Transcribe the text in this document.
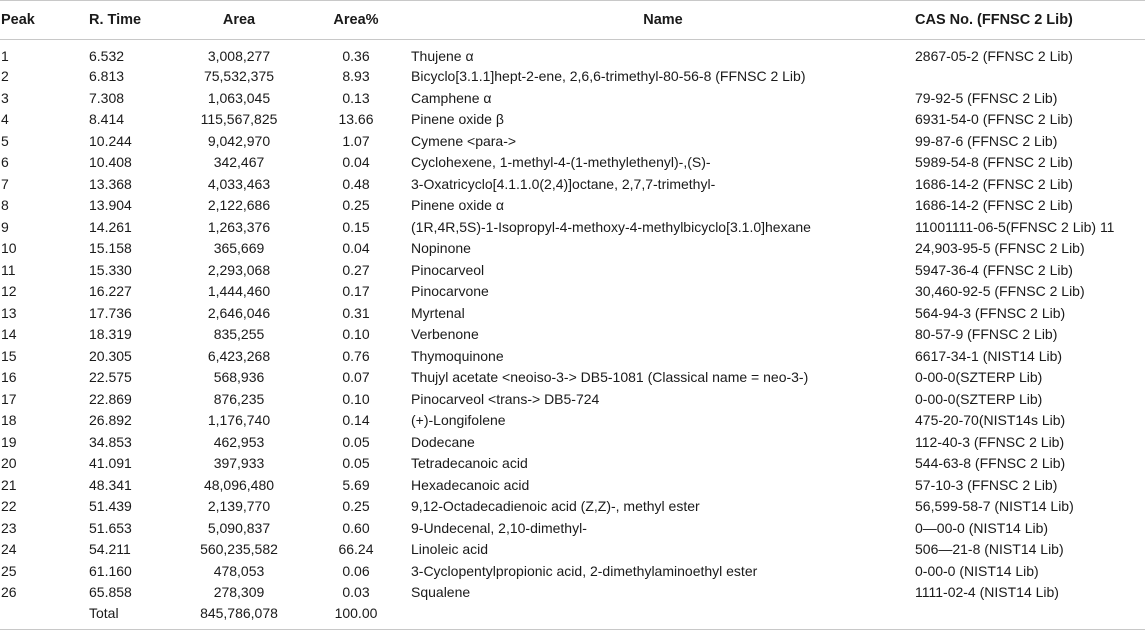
Peak	R. Time	Area	Area%	Name	CAS No. (FFNSC 2 Lib)
1	6.532	3,008,277	0.36	Thujene α	2867-05-2 (FFNSC 2 Lib)
2	6.813	75,532,375	8.93	Bicyclo[3.1.1]hept-2-ene, 2,6,6-trimethyl-80-56-8 (FFNSC 2 Lib)	
3	7.308	1,063,045	0.13	Camphene α	79-92-5 (FFNSC 2 Lib)
4	8.414	115,567,825	13.66	Pinene oxide β	6931-54-0 (FFNSC 2 Lib)
5	10.244	9,042,970	1.07	Cymene <para->	99-87-6 (FFNSC 2 Lib)
6	10.408	342,467	0.04	Cyclohexene, 1-methyl-4-(1-methylethenyl)-,(S)-	5989-54-8 (FFNSC 2 Lib)
7	13.368	4,033,463	0.48	3-Oxatricyclo[4.1.1.0(2,4)]octane, 2,7,7-trimethyl-	1686-14-2 (FFNSC 2 Lib)
8	13.904	2,122,686	0.25	Pinene oxide α	1686-14-2 (FFNSC 2 Lib)
9	14.261	1,263,376	0.15	(1R,4R,5S)-1-Isopropyl-4-methoxy-4-methylbicyclo[3.1.0]hexane	11001111-06-5(FFNSC 2 Lib) 11
10	15.158	365,669	0.04	Nopinone	24,903-95-5 (FFNSC 2 Lib)
11	15.330	2,293,068	0.27	Pinocarveol	5947-36-4 (FFNSC 2 Lib)
12	16.227	1,444,460	0.17	Pinocarvone	30,460-92-5 (FFNSC 2 Lib)
13	17.736	2,646,046	0.31	Myrtenal	564-94-3 (FFNSC 2 Lib)
14	18.319	835,255	0.10	Verbenone	80-57-9 (FFNSC 2 Lib)
15	20.305	6,423,268	0.76	Thymoquinone	6617-34-1 (NIST14 Lib)
16	22.575	568,936	0.07	Thujyl acetate <neoiso-3-> DB5-1081 (Classical name = neo-3-)	0-00-0(SZTERP Lib)
17	22.869	876,235	0.10	Pinocarveol <trans-> DB5-724	0-00-0(SZTERP Lib)
18	26.892	1,176,740	0.14	(+)-Longifolene	475-20-70(NIST14s Lib)
19	34.853	462,953	0.05	Dodecane	112-40-3 (FFNSC 2 Lib)
20	41.091	397,933	0.05	Tetradecanoic acid	544-63-8 (FFNSC 2 Lib)
21	48.341	48,096,480	5.69	Hexadecanoic acid	57-10-3 (FFNSC 2 Lib)
22	51.439	2,139,770	0.25	9,12-Octadecadienoic acid (Z,Z)-, methyl ester	56,599-58-7 (NIST14 Lib)
23	51.653	5,090,837	0.60	9-Undecenal, 2,10-dimethyl-	0—00-0 (NIST14 Lib)
24	54.211	560,235,582	66.24	Linoleic acid	506—21-8 (NIST14 Lib)
25	61.160	478,053	0.06	3-Cyclopentylpropionic acid, 2-dimethylaminoethyl ester	0-00-0 (NIST14 Lib)
26	65.858	278,309	0.03	Squalene	1111-02-4 (NIST14 Lib)
	Total	845,786,078	100.00		
